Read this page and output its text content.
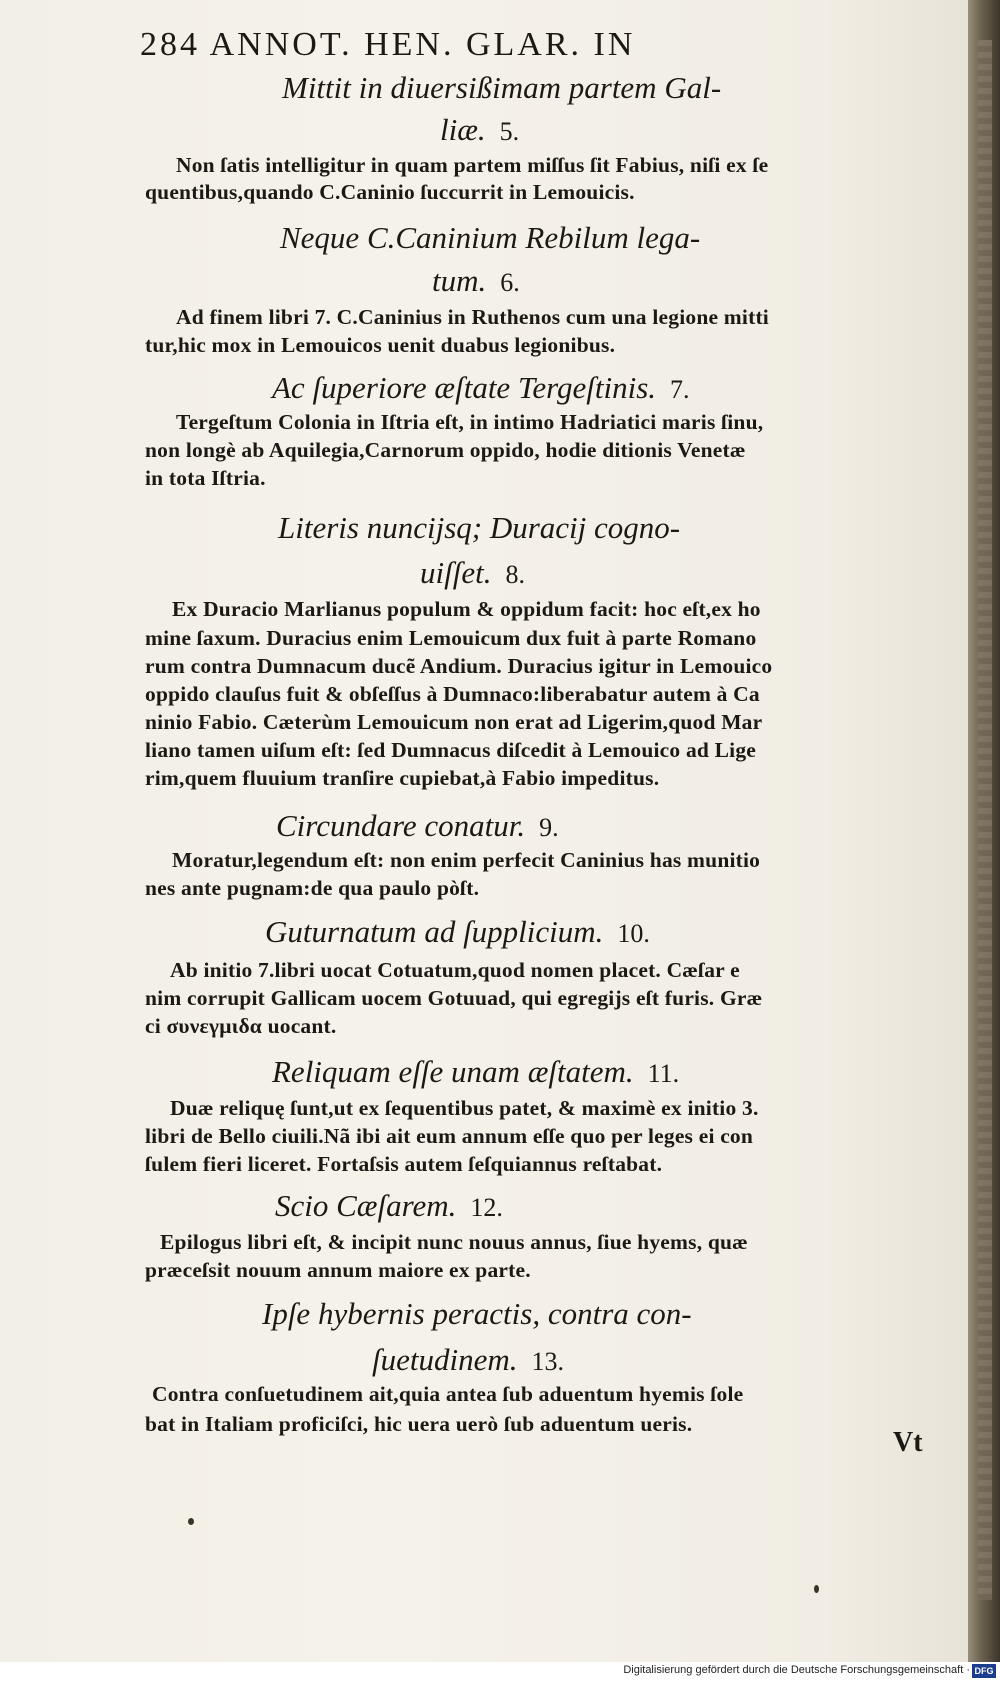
284 ANNOT. HEN. GLAR. IN
Mittit in diuersißimam partem Gal-
liæ. 5.
Non ſatis intelligitur in quam partem miſſus ſit Fabius, niſi ex ſe
quentibus,quando C.Caninio ſuccurrit in Lemouicis.
Neque C.Caninium Rebilum lega-
tum. 6.
Ad finem libri 7. C.Caninius in Ruthenos cum una legione mitti
tur,hic mox in Lemouicos uenit duabus legionibus.
Ac ſuperiore æſtate Tergeſtinis. 7.
Tergeſtum Colonia in Iſtria eſt, in intimo Hadriatici maris ſinu,
non longè ab Aquilegia,Carnorum oppido, hodie ditionis Venetæ
in tota Iſtria.
Literis nuncijsq; Duracij cogno-
uiſſet. 8.
Ex Duracio Marlianus populum & oppidum facit: hoc eſt,ex ho
mine ſaxum. Duracius enim Lemouicum dux fuit à parte Romano
rum contra Dumnacum ducẽ Andium. Duracius igitur in Lemouico
oppido clauſus fuit & obſeſſus à Dumnaco:liberabatur autem à Ca
ninio Fabio. Cæterùm Lemouicum non erat ad Ligerim,quod Mar
liano tamen uiſum eſt: ſed Dumnacus diſcedit à Lemouico ad Lige
rim,quem fluuium tranſire cupiebat,à Fabio impeditus.
Circundare conatur. 9.
Moratur,legendum eſt: non enim perfecit Caninius has munitio
nes ante pugnam:de qua paulo pòſt.
Guturnatum ad ſupplicium. 10.
Ab initio 7.libri uocat Cotuatum,quod nomen placet. Cæſar e
nim corrupit Gallicam uocem Gotuuad, qui egregijs eſt furis. Græ
ci συνεγμιδα uocant.
Reliquam eſſe unam æſtatem. 11.
Duæ reliquę ſunt,ut ex ſequentibus patet, & maximè ex initio 3.
libri de Bello ciuili.Nã ibi ait eum annum eſſe quo per leges ei con
ſulem fieri liceret. Fortaſsis autem ſeſquiannus reſtabat.
Scio Cæſarem. 12.
Epilogus libri eſt, & incipit nunc nouus annus, ſiue hyems, quæ
præceſsit nouum annum maiore ex parte.
Ipſe hybernis peractis, contra con-
ſuetudinem. 13.
Contra conſuetudinem ait,quia antea ſub aduentum hyemis ſole
bat in Italiam proficiſci, hic uera uerò ſub aduentum ueris.
Vt
Digitalisierung gefördert durch die Deutsche Forschungsgemeinschaft · DFG
